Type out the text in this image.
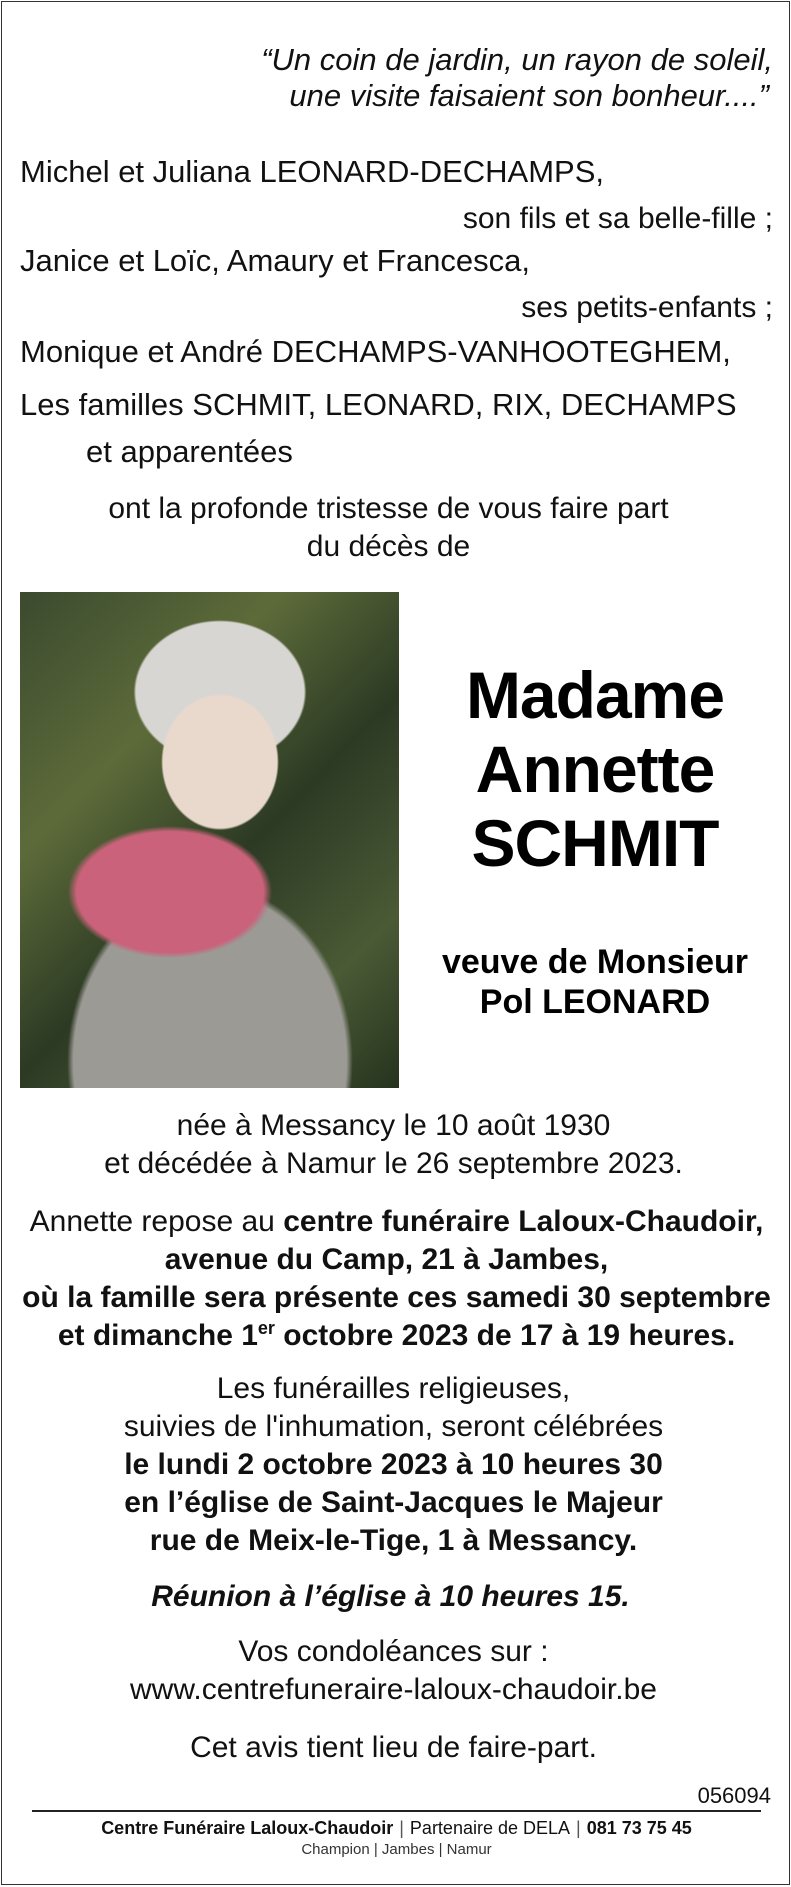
“Un coin de jardin, un rayon de soleil,
une visite faisaient son bonheur....”
Michel et Juliana LEONARD-DECHAMPS,
son fils et sa belle-fille ;
Janice et Loïc, Amaury et Francesca,
ses petits-enfants ;
Monique et André DECHAMPS-VANHOOTEGHEM,
Les familles SCHMIT, LEONARD, RIX, DECHAMPS
et apparentées
ont la profonde tristesse de vous faire part
du décès de
Madame
Annette
SCHMIT
veuve de Monsieur
Pol LEONARD
née à Messancy le 10 août 1930
et décédée à Namur le 26 septembre 2023.
Annette repose au centre funéraire Laloux-Chaudoir,
avenue du Camp, 21 à Jambes,
où la famille sera présente ces samedi 30 septembre
et dimanche 1er octobre 2023 de 17 à 19 heures.
Les funérailles religieuses,
suivies de l'inhumation, seront célébrées
le lundi 2 octobre 2023 à 10 heures 30
en l’église de Saint-Jacques le Majeur
rue de Meix-le-Tige, 1 à Messancy.
Réunion à l’église à 10 heures 15.
Vos condoléances sur :
www.centrefuneraire-laloux-chaudoir.be
Cet avis tient lieu de faire-part.
056094
Centre Funéraire Laloux-Chaudoir | Partenaire de DELA | 081 73 75 45
Champion | Jambes | Namur
